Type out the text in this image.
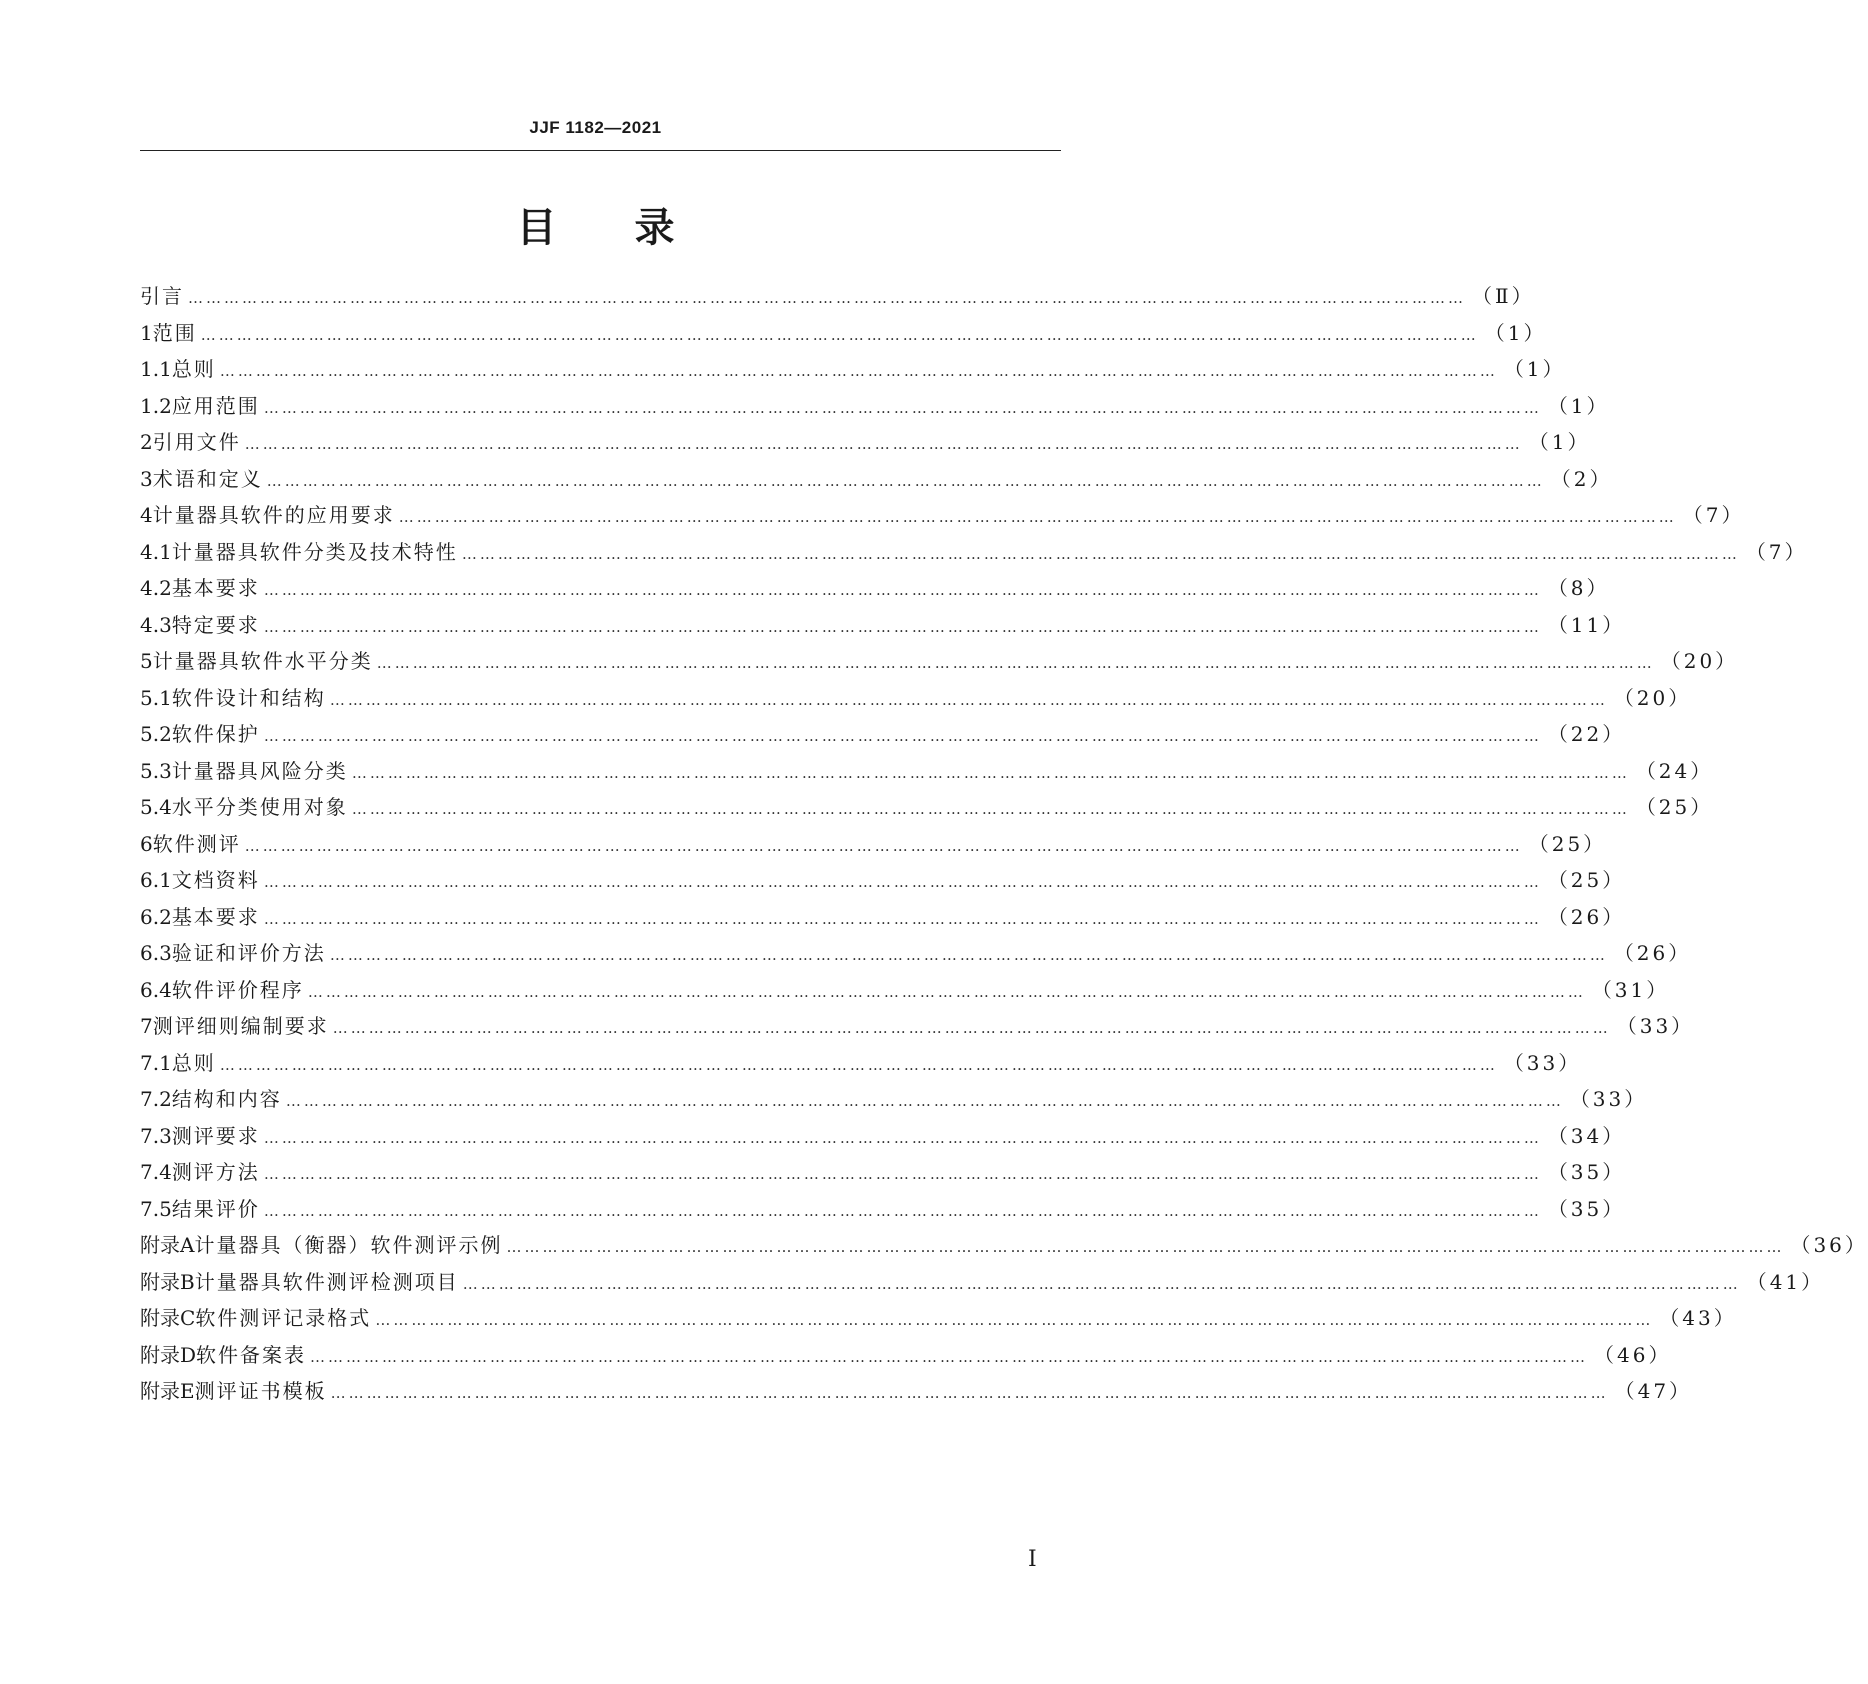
JJF 1182—2021
目录
引言 …………………………………………………………………………………………………………………………………………………………………………………………… （Ⅱ）
1 范围 …………………………………………………………………………………………………………………………………………………………………………………………… （1）
1.1 总则 …………………………………………………………………………………………………………………………………………………………………………………………… （1）
1.2 应用范围 …………………………………………………………………………………………………………………………………………………………………………………………… （1）
2 引用文件 …………………………………………………………………………………………………………………………………………………………………………………………… （1）
3 术语和定义 …………………………………………………………………………………………………………………………………………………………………………………………… （2）
4 计量器具软件的应用要求 …………………………………………………………………………………………………………………………………………………………………………………………… （7）
4.1 计量器具软件分类及技术特性 …………………………………………………………………………………………………………………………………………………………………………………………… （7）
4.2 基本要求 …………………………………………………………………………………………………………………………………………………………………………………………… （8）
4.3 特定要求 …………………………………………………………………………………………………………………………………………………………………………………………… （11）
5 计量器具软件水平分类 …………………………………………………………………………………………………………………………………………………………………………………………… （20）
5.1 软件设计和结构 …………………………………………………………………………………………………………………………………………………………………………………………… （20）
5.2 软件保护 …………………………………………………………………………………………………………………………………………………………………………………………… （22）
5.3 计量器具风险分类 …………………………………………………………………………………………………………………………………………………………………………………………… （24）
5.4 水平分类使用对象 …………………………………………………………………………………………………………………………………………………………………………………………… （25）
6 软件测评 …………………………………………………………………………………………………………………………………………………………………………………………… （25）
6.1 文档资料 …………………………………………………………………………………………………………………………………………………………………………………………… （25）
6.2 基本要求 …………………………………………………………………………………………………………………………………………………………………………………………… （26）
6.3 验证和评价方法 …………………………………………………………………………………………………………………………………………………………………………………………… （26）
6.4 软件评价程序 …………………………………………………………………………………………………………………………………………………………………………………………… （31）
7 测评细则编制要求 …………………………………………………………………………………………………………………………………………………………………………………………… （33）
7.1 总则 …………………………………………………………………………………………………………………………………………………………………………………………… （33）
7.2 结构和内容 …………………………………………………………………………………………………………………………………………………………………………………………… （33）
7.3 测评要求 …………………………………………………………………………………………………………………………………………………………………………………………… （34）
7.4 测评方法 …………………………………………………………………………………………………………………………………………………………………………………………… （35）
7.5 结果评价 …………………………………………………………………………………………………………………………………………………………………………………………… （35）
附录A 计量器具（衡器）软件测评示例 …………………………………………………………………………………………………………………………………………………………………………………………… （36）
附录B 计量器具软件测评检测项目 …………………………………………………………………………………………………………………………………………………………………………………………… （41）
附录C 软件测评记录格式 …………………………………………………………………………………………………………………………………………………………………………………………… （43）
附录D 软件备案表 …………………………………………………………………………………………………………………………………………………………………………………………… （46）
附录E 测评证书模板 …………………………………………………………………………………………………………………………………………………………………………………………… （47）
I
